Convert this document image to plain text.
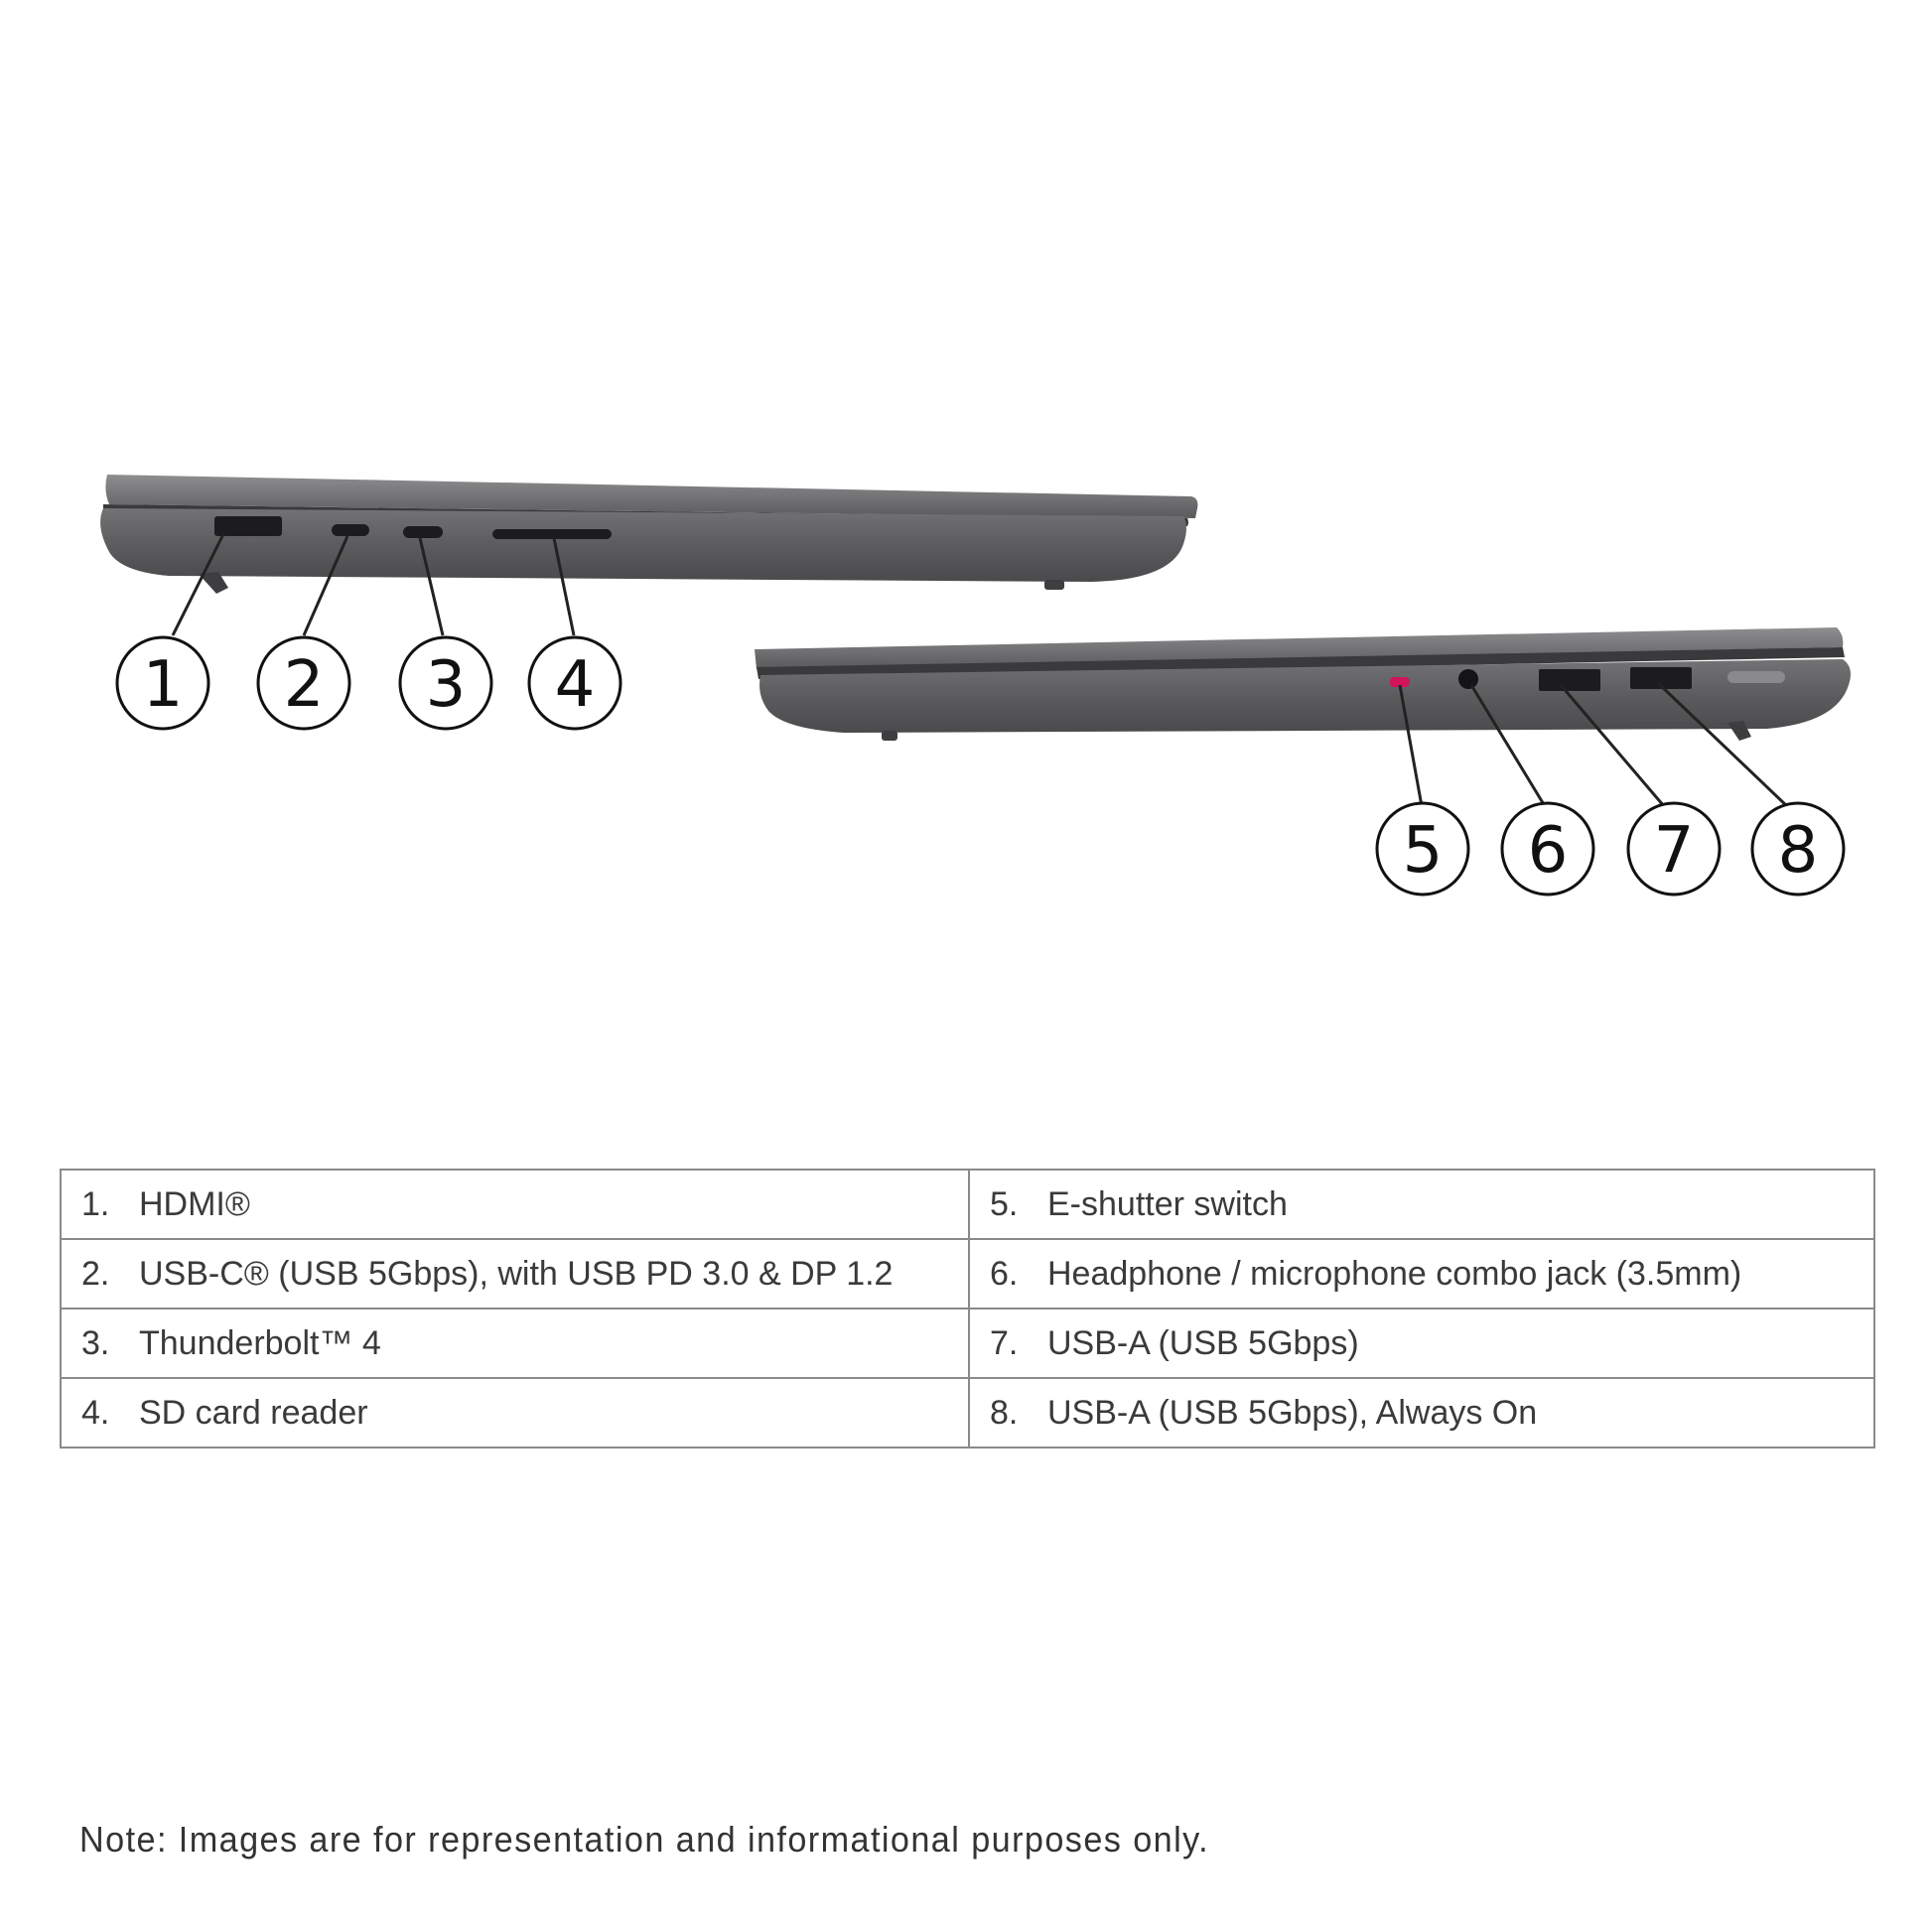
1 2 3 4
5 6 7 8
1. HDMI®	5. E-shutter switch
2. USB-C® (USB 5Gbps), with USB PD 3.0 & DP 1.2	6. Headphone / microphone combo jack (3.5mm)
3. Thunderbolt™ 4	7. USB-A (USB 5Gbps)
4. SD card reader	8. USB-A (USB 5Gbps), Always On
Note: Images are for representation and informational purposes only.
